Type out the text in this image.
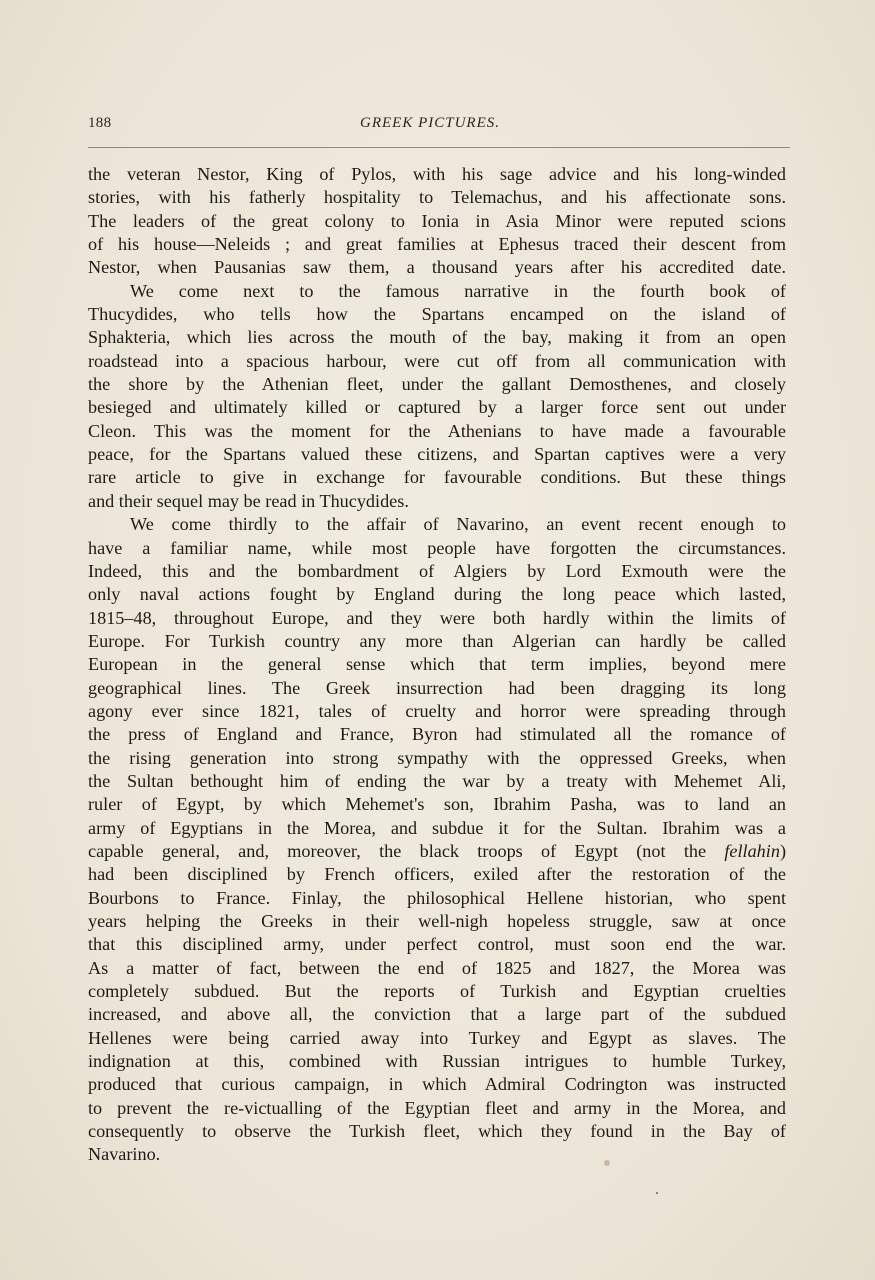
188	GREEK PICTURES.
the veteran Nestor, King of Pylos, with his sage advice and his long-winded
stories, with his fatherly hospitality to Telemachus, and his affectionate sons.
The leaders of the great colony to Ionia in Asia Minor were reputed scions
of his house—Neleids ; and great families at Ephesus traced their descent from
Nestor, when Pausanias saw them, a thousand years after his accredited date.
We come next to the famous narrative in the fourth book of
Thucydides, who tells how the Spartans encamped on the island of
Sphakteria, which lies across the mouth of the bay, making it from an open
roadstead into a spacious harbour, were cut off from all communication with
the shore by the Athenian fleet, under the gallant Demosthenes, and closely
besieged and ultimately killed or captured by a larger force sent out under
Cleon. This was the moment for the Athenians to have made a favourable
peace, for the Spartans valued these citizens, and Spartan captives were a very
rare article to give in exchange for favourable conditions. But these things
and their sequel may be read in Thucydides.
We come thirdly to the affair of Navarino, an event recent enough to
have a familiar name, while most people have forgotten the circumstances.
Indeed, this and the bombardment of Algiers by Lord Exmouth were the
only naval actions fought by England during the long peace which lasted,
1815–48, throughout Europe, and they were both hardly within the limits of
Europe. For Turkish country any more than Algerian can hardly be called
European in the general sense which that term implies, beyond mere
geographical lines. The Greek insurrection had been dragging its long
agony ever since 1821, tales of cruelty and horror were spreading through
the press of England and France, Byron had stimulated all the romance of
the rising generation into strong sympathy with the oppressed Greeks, when
the Sultan bethought him of ending the war by a treaty with Mehemet Ali,
ruler of Egypt, by which Mehemet's son, Ibrahim Pasha, was to land an
army of Egyptians in the Morea, and subdue it for the Sultan. Ibrahim was a
capable general, and, moreover, the black troops of Egypt (not the fellahin)
had been disciplined by French officers, exiled after the restoration of the
Bourbons to France. Finlay, the philosophical Hellene historian, who spent
years helping the Greeks in their well-nigh hopeless struggle, saw at once
that this disciplined army, under perfect control, must soon end the war.
As a matter of fact, between the end of 1825 and 1827, the Morea was
completely subdued. But the reports of Turkish and Egyptian cruelties
increased, and above all, the conviction that a large part of the subdued
Hellenes were being carried away into Turkey and Egypt as slaves. The
indignation at this, combined with Russian intrigues to humble Turkey,
produced that curious campaign, in which Admiral Codrington was instructed
to prevent the re-victualling of the Egyptian fleet and army in the Morea, and
consequently to observe the Turkish fleet, which they found in the Bay of
Navarino.
